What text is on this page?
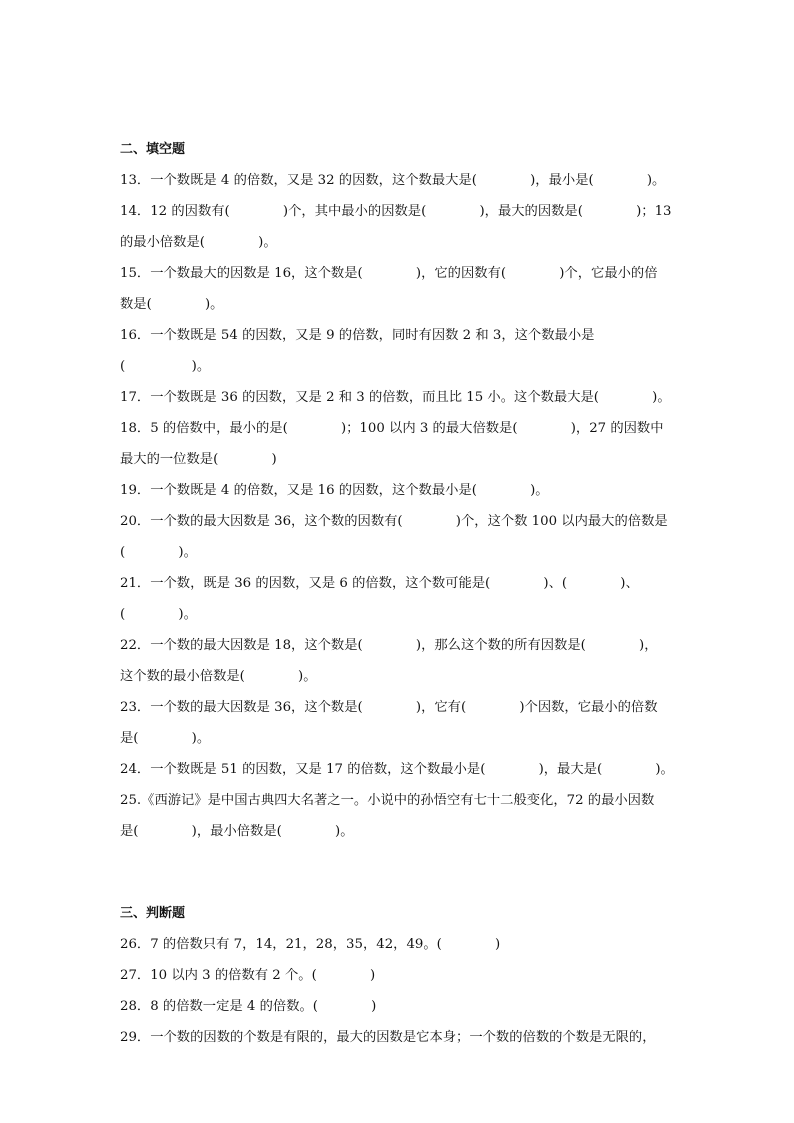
二、填空题
13．一个数既是 4 的倍数，又是 32 的因数，这个数最大是(　　　　)，最小是(　　　　)。
14．12 的因数有(　　　　)个，其中最小的因数是(　　　　)，最大的因数是(　　　　)；13
的最小倍数是(　　　　)。
15．一个数最大的因数是 16，这个数是(　　　　)，它的因数有(　　　　)个，它最小的倍
数是(　　　　)。
16．一个数既是 54 的因数，又是 9 的倍数，同时有因数 2 和 3，这个数最小是
(　　　　　)。
17．一个数既是 36 的因数，又是 2 和 3 的倍数，而且比 15 小。这个数最大是(　　　　)。
18．5 的倍数中，最小的是(　　　　)；100 以内 3 的最大倍数是(　　　　)，27 的因数中
最大的一位数是(　　　　)
19．一个数既是 4 的倍数，又是 16 的因数，这个数最小是(　　　　)。
20．一个数的最大因数是 36，这个数的因数有(　　　　)个，这个数 100 以内最大的倍数是
(　　　　)。
21．一个数，既是 36 的因数，又是 6 的倍数，这个数可能是(　　　　)、(　　　　)、
(　　　　)。
22．一个数的最大因数是 18，这个数是(　　　　)，那么这个数的所有因数是(　　　　)，
这个数的最小倍数是(　　　　)。
23．一个数的最大因数是 36，这个数是(　　　　)，它有(　　　　)个因数，它最小的倍数
是(　　　　)。
24．一个数既是 51 的因数，又是 17 的倍数，这个数最小是(　　　　)，最大是(　　　　)。
25.《西游记》是中国古典四大名著之一。小说中的孙悟空有七十二般变化，72 的最小因数
是(　　　　)，最小倍数是(　　　　)。
三、判断题
26．7 的倍数只有 7，14，21，28，35，42，49。(　　　　)
27．10 以内 3 的倍数有 2 个。(　　　　)
28．8 的倍数一定是 4 的倍数。(　　　　)
29．一个数的因数的个数是有限的，最大的因数是它本身；一个数的倍数的个数是无限的，
